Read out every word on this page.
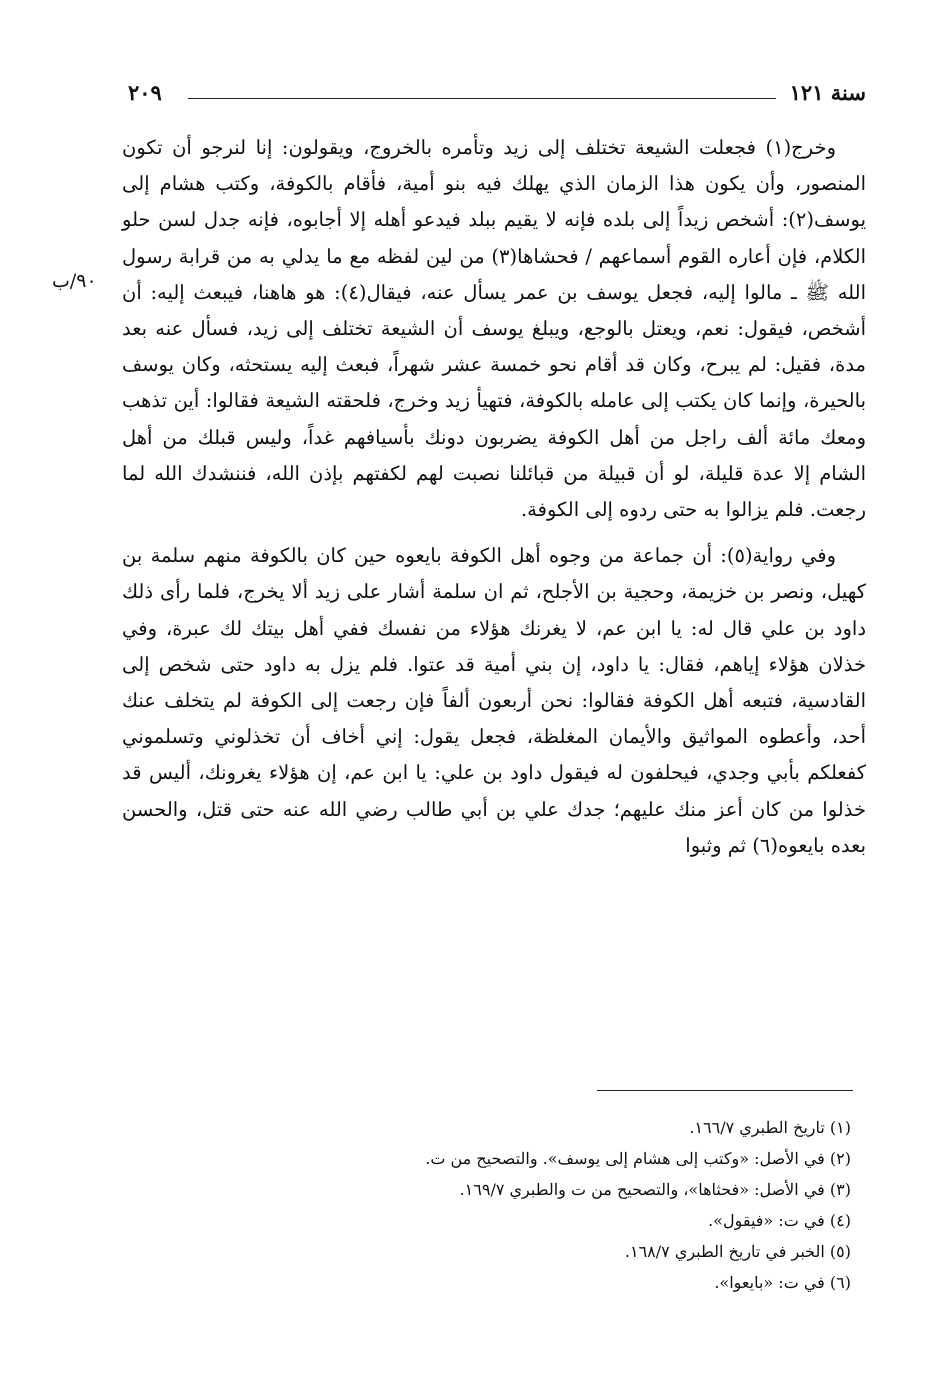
سنة ١٢١
٢٠٩
٩٠/ب

وخرج(١) فجعلت الشيعة تختلف إلى زيد وتأمره بالخروج، ويقولون: إنا لنرجو أن تكون المنصور، وأن يكون هذا الزمان الذي يهلك فيه بنو أمية، فأقام بالكوفة، وكتب هشام إلى يوسف(٢): أشخص زيداً إلى بلده فإنه لا يقيم ببلد فيدعو أهله إلا أجابوه، فإنه جدل لسن حلو الكلام، فإن أعاره القوم أسماعهم / فحشاها(٣) من لين لفظه مع ما يدلي به من قرابة رسول الله ﷺ ـ مالوا إليه، فجعل يوسف بن عمر يسأل عنه، فيقال(٤): هو هاهنا، فيبعث إليه: أن أشخص، فيقول: نعم، ويعتل بالوجع، ويبلغ يوسف أن الشيعة تختلف إلى زيد، فسأل عنه بعد مدة، فقيل: لم يبرح، وكان قد أقام نحو خمسة عشر شهراً، فبعث إليه يستحثه، وكان يوسف بالحيرة، وإنما كان يكتب إلى عامله بالكوفة، فتهيأ زيد وخرج، فلحقته الشيعة فقالوا: أين تذهب ومعك مائة ألف راجل من أهل الكوفة يضربون دونك بأسيافهم غداً، وليس قبلك من أهل الشام إلا عدة قليلة، لو أن قبيلة من قبائلنا نصبت لهم لكفتهم بإذن الله، فننشدك الله لما رجعت. فلم يزالوا به حتى ردوه إلى الكوفة.

وفي رواية(٥): أن جماعة من وجوه أهل الكوفة بايعوه حين كان بالكوفة منهم سلمة بن كهيل، ونصر بن خزيمة، وحجية بن الأجلح، ثم ان سلمة أشار على زيد ألا يخرج، فلما رأى ذلك داود بن علي قال له: يا ابن عم، لا يغرنك هؤلاء من نفسك ففي أهل بيتك لك عبرة، وفي خذلان هؤلاء إياهم، فقال: يا داود، إن بني أمية قد عتوا. فلم يزل به داود حتى شخص إلى القادسية، فتبعه أهل الكوفة فقالوا: نحن أربعون ألفاً فإن رجعت إلى الكوفة لم يتخلف عنك أحد، وأعطوه المواثيق والأيمان المغلظة، فجعل يقول: إني أخاف أن تخذلوني وتسلموني كفعلكم بأبي وجدي، فيحلفون له فيقول داود بن علي: يا ابن عم، إن هؤلاء يغرونك، أليس قد خذلوا من كان أعز منك عليهم؛ جدك علي بن أبي طالب رضي الله عنه حتى قتل، والحسن بعده بايعوه(٦) ثم وثبوا

(١) تاريخ الطبري ١٦٦/٧.
(٢) في الأصل: «وكتب إلى هشام إلى يوسف». والتصحيح من ت.
(٣) في الأصل: «فحثاها»، والتصحيح من ت والطبري ١٦٩/٧.
(٤) في ت: «فيقول».
(٥) الخبر في تاريخ الطبري ١٦٨/٧.
(٦) في ت: «بايعوا».
